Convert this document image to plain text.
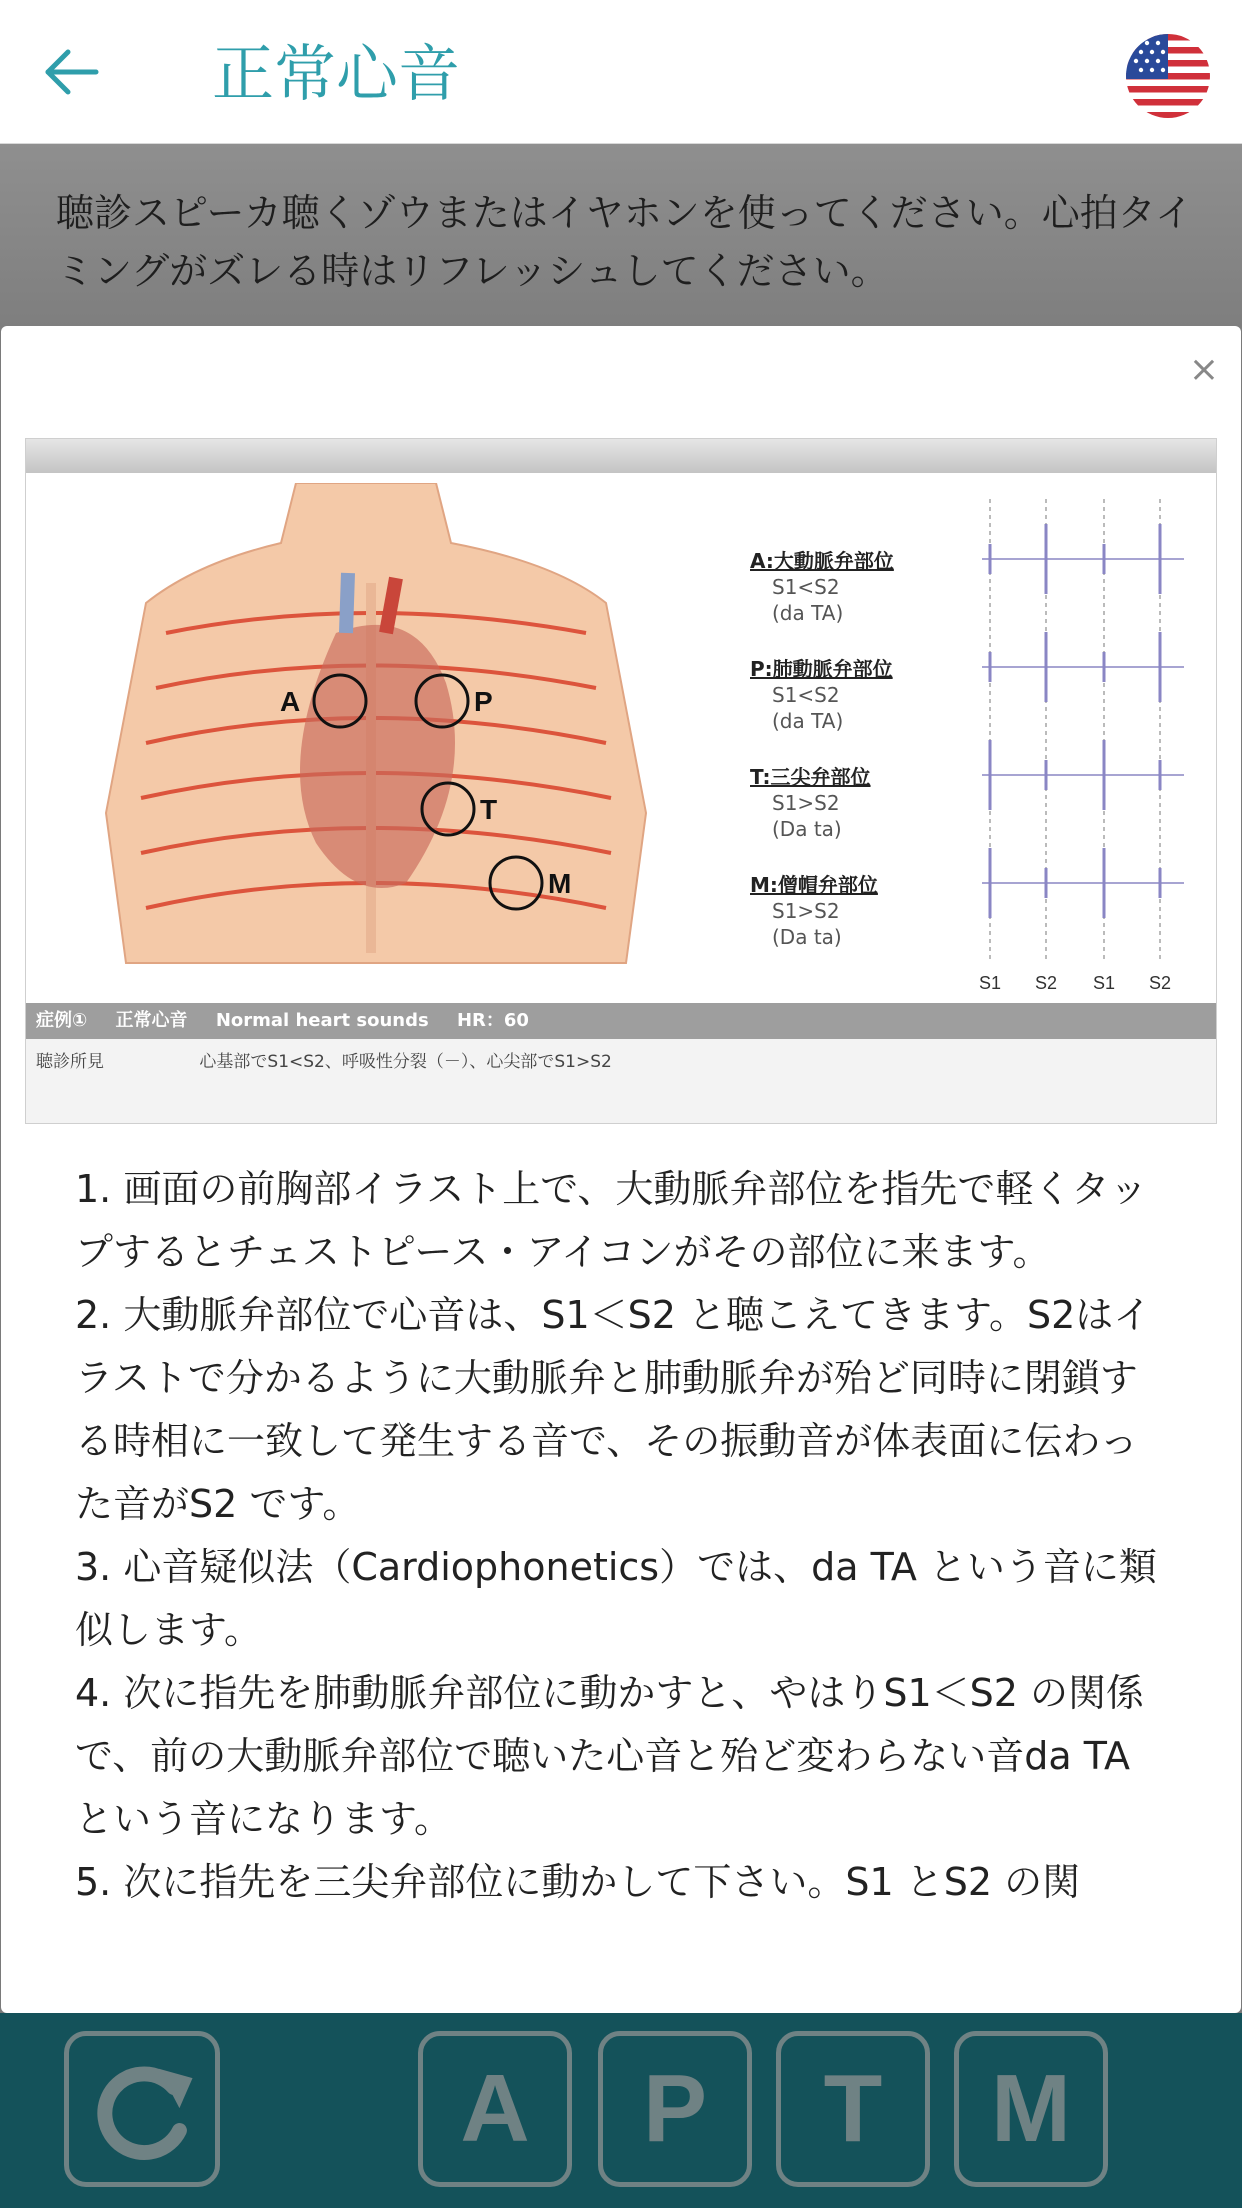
正常心音

聴診スピーカ聴くゾウまたはイヤホンを使ってください。心拍タイミングがズレる時はリフレッシュしてください。

×
A	P
T
M
A:大動脈弁部位
S1<S2
(da TA)
P:肺動脈弁部位
S1<S2
(da TA)
T:三尖弁部位
S1>S2
(Da ta)
M:僧帽弁部位
S1>S2
(Da ta)
S1 S2 S1 S2
症例① 正常心音 Normal heart sounds HR：60
聴診所見	心基部でS1<S2、呼吸性分裂（－）、心尖部でS1>S2

1. 画面の前胸部イラスト上で、大動脈弁部位を指先で軽くタップするとチェストピース・アイコンがその部位に来ます。

2. 大動脈弁部位で心音は、S1＜S2 と聴こえてきます。S2はイラストで分かるように大動脈弁と肺動脈弁が殆ど同時に閉鎖する時相に一致して発生する音で、その振動音が体表面に伝わった音がS2 です。

3. 心音疑似法（Cardiophonetics）では、da TA という音に類似します。

4. 次に指先を肺動脈弁部位に動かすと、やはりS1＜S2 の関係で、前の大動脈弁部位で聴いた心音と殆ど変わらない音da TA という音になります。

5. 次に指先を三尖弁部位に動かして下さい。S1 とS2 の関

A	P	T	M
